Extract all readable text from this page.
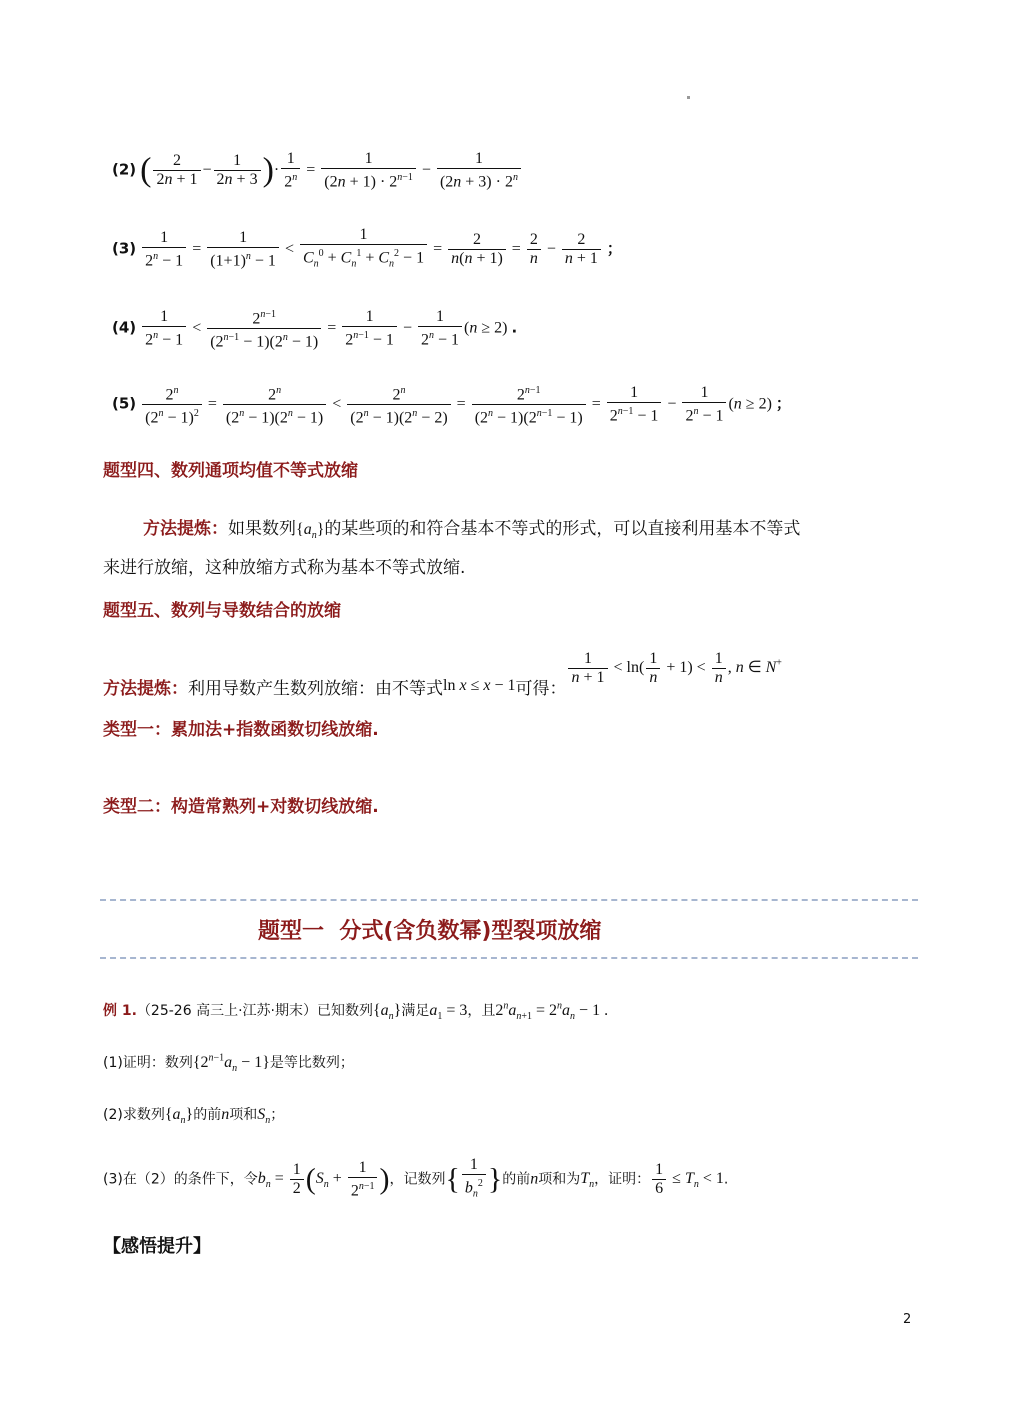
(2) ( $\frac{2}{2n + 1} - \frac{1}{2n + 3}$ )· $\frac{1}{2^n} = \frac{1}{(2n + 1) \cdot 2^{n-1}} - \frac{1}{(2n + 3) \cdot 2^n}$
$(3) \frac{1}{2^n - 1} = \frac{1}{(1+1)^n - 1} < \frac{1}{C_n^0 + C_n^1 + C_n^2 - 1} = \frac{2}{n(n + 1)} = \frac{2}{n} - \frac{2}{n + 1}$ ；
$(4) \frac{1}{2^n - 1} < \frac{2^{n-1}}{(2^{n-1} - 1)(2^n - 1)} = \frac{1}{2^{n-1} - 1} - \frac{1}{2^n - 1} (n \ge 2)$ .
$(5) \frac{2^n}{(2^n - 1)^2} = \frac{2^n}{(2^n - 1)(2^n - 1)} < \frac{2^n}{(2^n - 1)(2^n - 2)} = \frac{2^{n-1}}{(2^n - 1)(2^{n-1} - 1)} = \frac{1}{2^{n-1} - 1} - \frac{1}{2^n - 1} (n \ge 2)$ ；
题型四、数列通项均值不等式放缩
方法提炼：如果数列$\{a_n\}$的某些项的和符合基本不等式的形式，可以直接利用基本不等式
来进行放缩，这种放缩方式称为基本不等式放缩.
题型五、数列与导数结合的放缩
方法提炼：利用导数产生数列放缩：由不等式ln x ≤ x − 1可得：
$\frac{1}{n + 1} < \ln( \frac{1}{n} + 1) < \frac{1}{n}$ , n ∈ N+
类型一：累加法+指数函数切线放缩.
类型二：构造常熟列+对数切线放缩.
题型一  分式(含负数幂)型裂项放缩
例 1.（25-26 高三上·江苏·期末）已知数列$\{a_n\}$满足$a_1 = 3$，且$2^na_{n+1} = 2^na_n - 1$ .
(1)证明：数列$\{2^{n-1}a_n - 1\}$是等比数列；
(2)求数列$\{a_n\}$的前n项和$S_n$；
(3)在（2）的条件下，令$b_n = \frac{1}{2} (S_n + \frac{1}{2^{n-1}}$ )，记数列{ $\frac{1}{b_n^2}$ }的前n项和为$T_n$，证明： $\frac{1}{6} \le T_n < 1$.
【感悟提升】
2
